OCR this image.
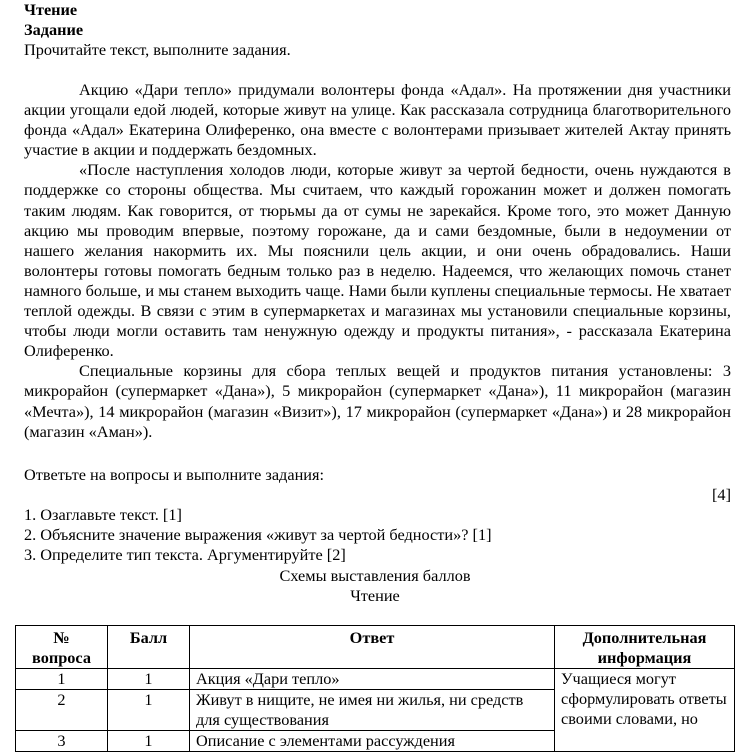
Чтение
Задание
Прочитайте текст, выполните задания.

Акцию «Дари тепло» придумали волонтеры фонда «Адал». На протяжении дня участники акции угощали едой людей, которые живут на улице. Как рассказала сотрудница благотворительного фонда «Адал» Екатерина Олиференко, она вместе с волонтерами призывает жителей Актау принять участие в акции и поддержать бездомных.

«После наступления холодов люди, которые живут за чертой бедности, очень нуждаются в поддержке со стороны общества. Мы считаем, что каждый горожанин может и должен помогать таким людям. Как говорится, от тюрьмы да от сумы не зарекайся. Кроме того, это может Данную акцию мы проводим впервые, поэтому горожане, да и сами бездомные, были в недоумении от нашего желания накормить их. Мы пояснили цель акции, и они очень обрадовались. Наши волонтеры готовы помогать бедным только раз в неделю. Надеемся, что желающих помочь станет намного больше, и мы станем выходить чаще. Нами были куплены специальные термосы. Не хватает теплой одежды. В связи с этим в супермаркетах и магазинах мы установили специальные корзины, чтобы люди могли оставить там ненужную одежду и продукты питания», - рассказала Екатерина Олиференко.

Специальные корзины для сбора теплых вещей и продуктов питания установлены: 3 микрорайон (супермаркет «Дана»), 5 микрорайон (супермаркет «Дана»), 11 микрорайон (магазин «Мечта»), 14 микрорайон (магазин «Визит»), 17 микрорайон (супермаркет «Дана») и 28 микрорайон (магазин «Аман»).

Ответьте на вопросы и выполните задания:
[4]
1. Озаглавьте текст. [1]
2. Объясните значение выражения «живут за чертой бедности»? [1]
3. Определите тип текста. Аргументируйте [2]
Схемы выставления баллов
Чтение
№ вопроса	Балл	Ответ	Дополнительная информация
1	1	Акция «Дари тепло»	Учащиеся могут сформулировать ответы своими словами, но
2	1	Живут в нищите, не имея ни жилья, ни средств для существования	
3	1	Описание с элементами рассуждения	
